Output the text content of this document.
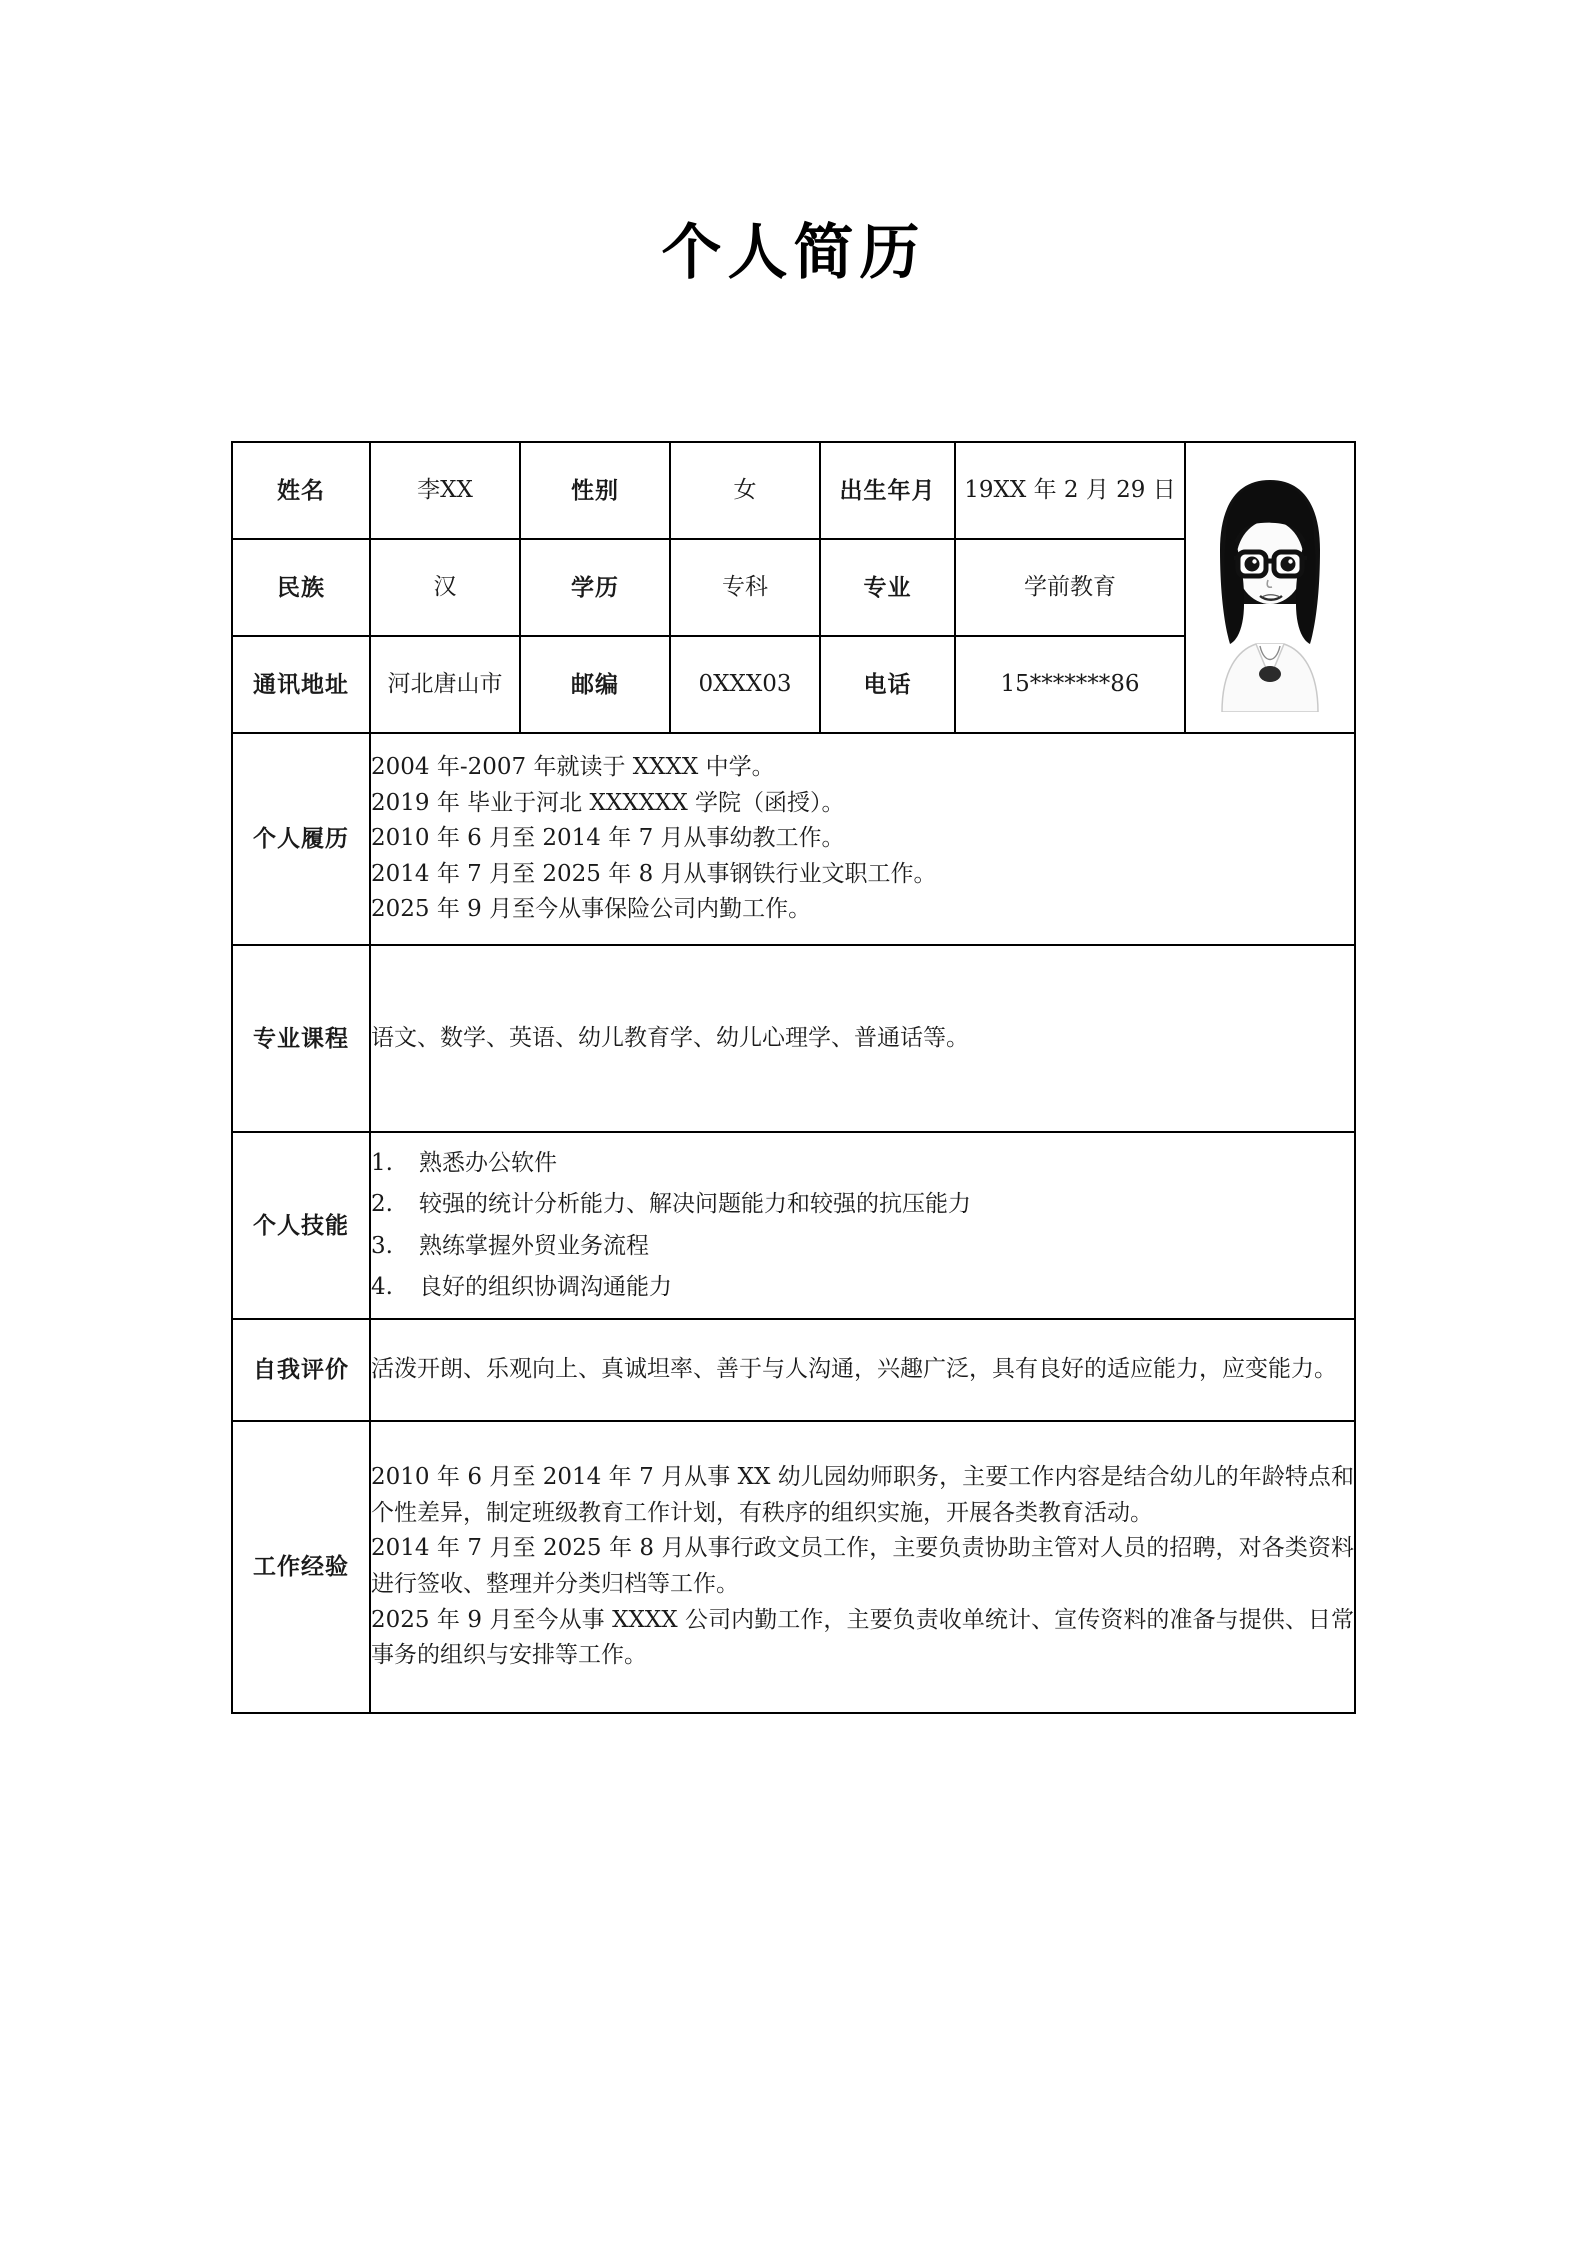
个人简历
姓名	李XX	性别	女	出生年月	19XX 年 2 月 29 日	

民族	汉	学历	专科	专业	学前教育	
通讯地址	河北唐山市	邮编	0XXX03	电话	15*******86	
个人履历	2004 年-2007 年就读于 XXXX 中学。

2019 年 毕业于河北 XXXXXX 学院（函授）。

2010 年 6 月至 2014 年 7 月从事幼教工作。

2014 年 7 月至 2025 年 8 月从事钢铁行业文职工作。

2025 年 9 月至今从事保险公司内勤工作。					

专业课程	语文、数学、英语、幼儿教育学、幼儿心理学、普通话等。					

个人技能	
1.	熟悉办公软件
2.	较强的统计分析能力、解决问题能力和较强的抗压能力
3.	熟练掌握外贸业务流程
4.	良好的组织协调沟通能力

自我评价	活泼开朗、乐观向上、真诚坦率、善于与人沟通，兴趣广泛，具有良好的适应能力，应变能力。					

工作经验	2010 年 6 月至 2014 年 7 月从事 XX 幼儿园幼师职务，主要工作内容是结合幼儿的年龄特点和个性差异，制定班级教育工作计划，有秩序的组织实施，开展各类教育活动。

2014 年 7 月至 2025 年 8 月从事行政文员工作，主要负责协助主管对人员的招聘，对各类资料进行签收、整理并分类归档等工作。

2025 年 9 月至今从事 XXXX 公司内勤工作，主要负责收单统计、宣传资料的准备与提供、日常事务的组织与安排等工作。					
